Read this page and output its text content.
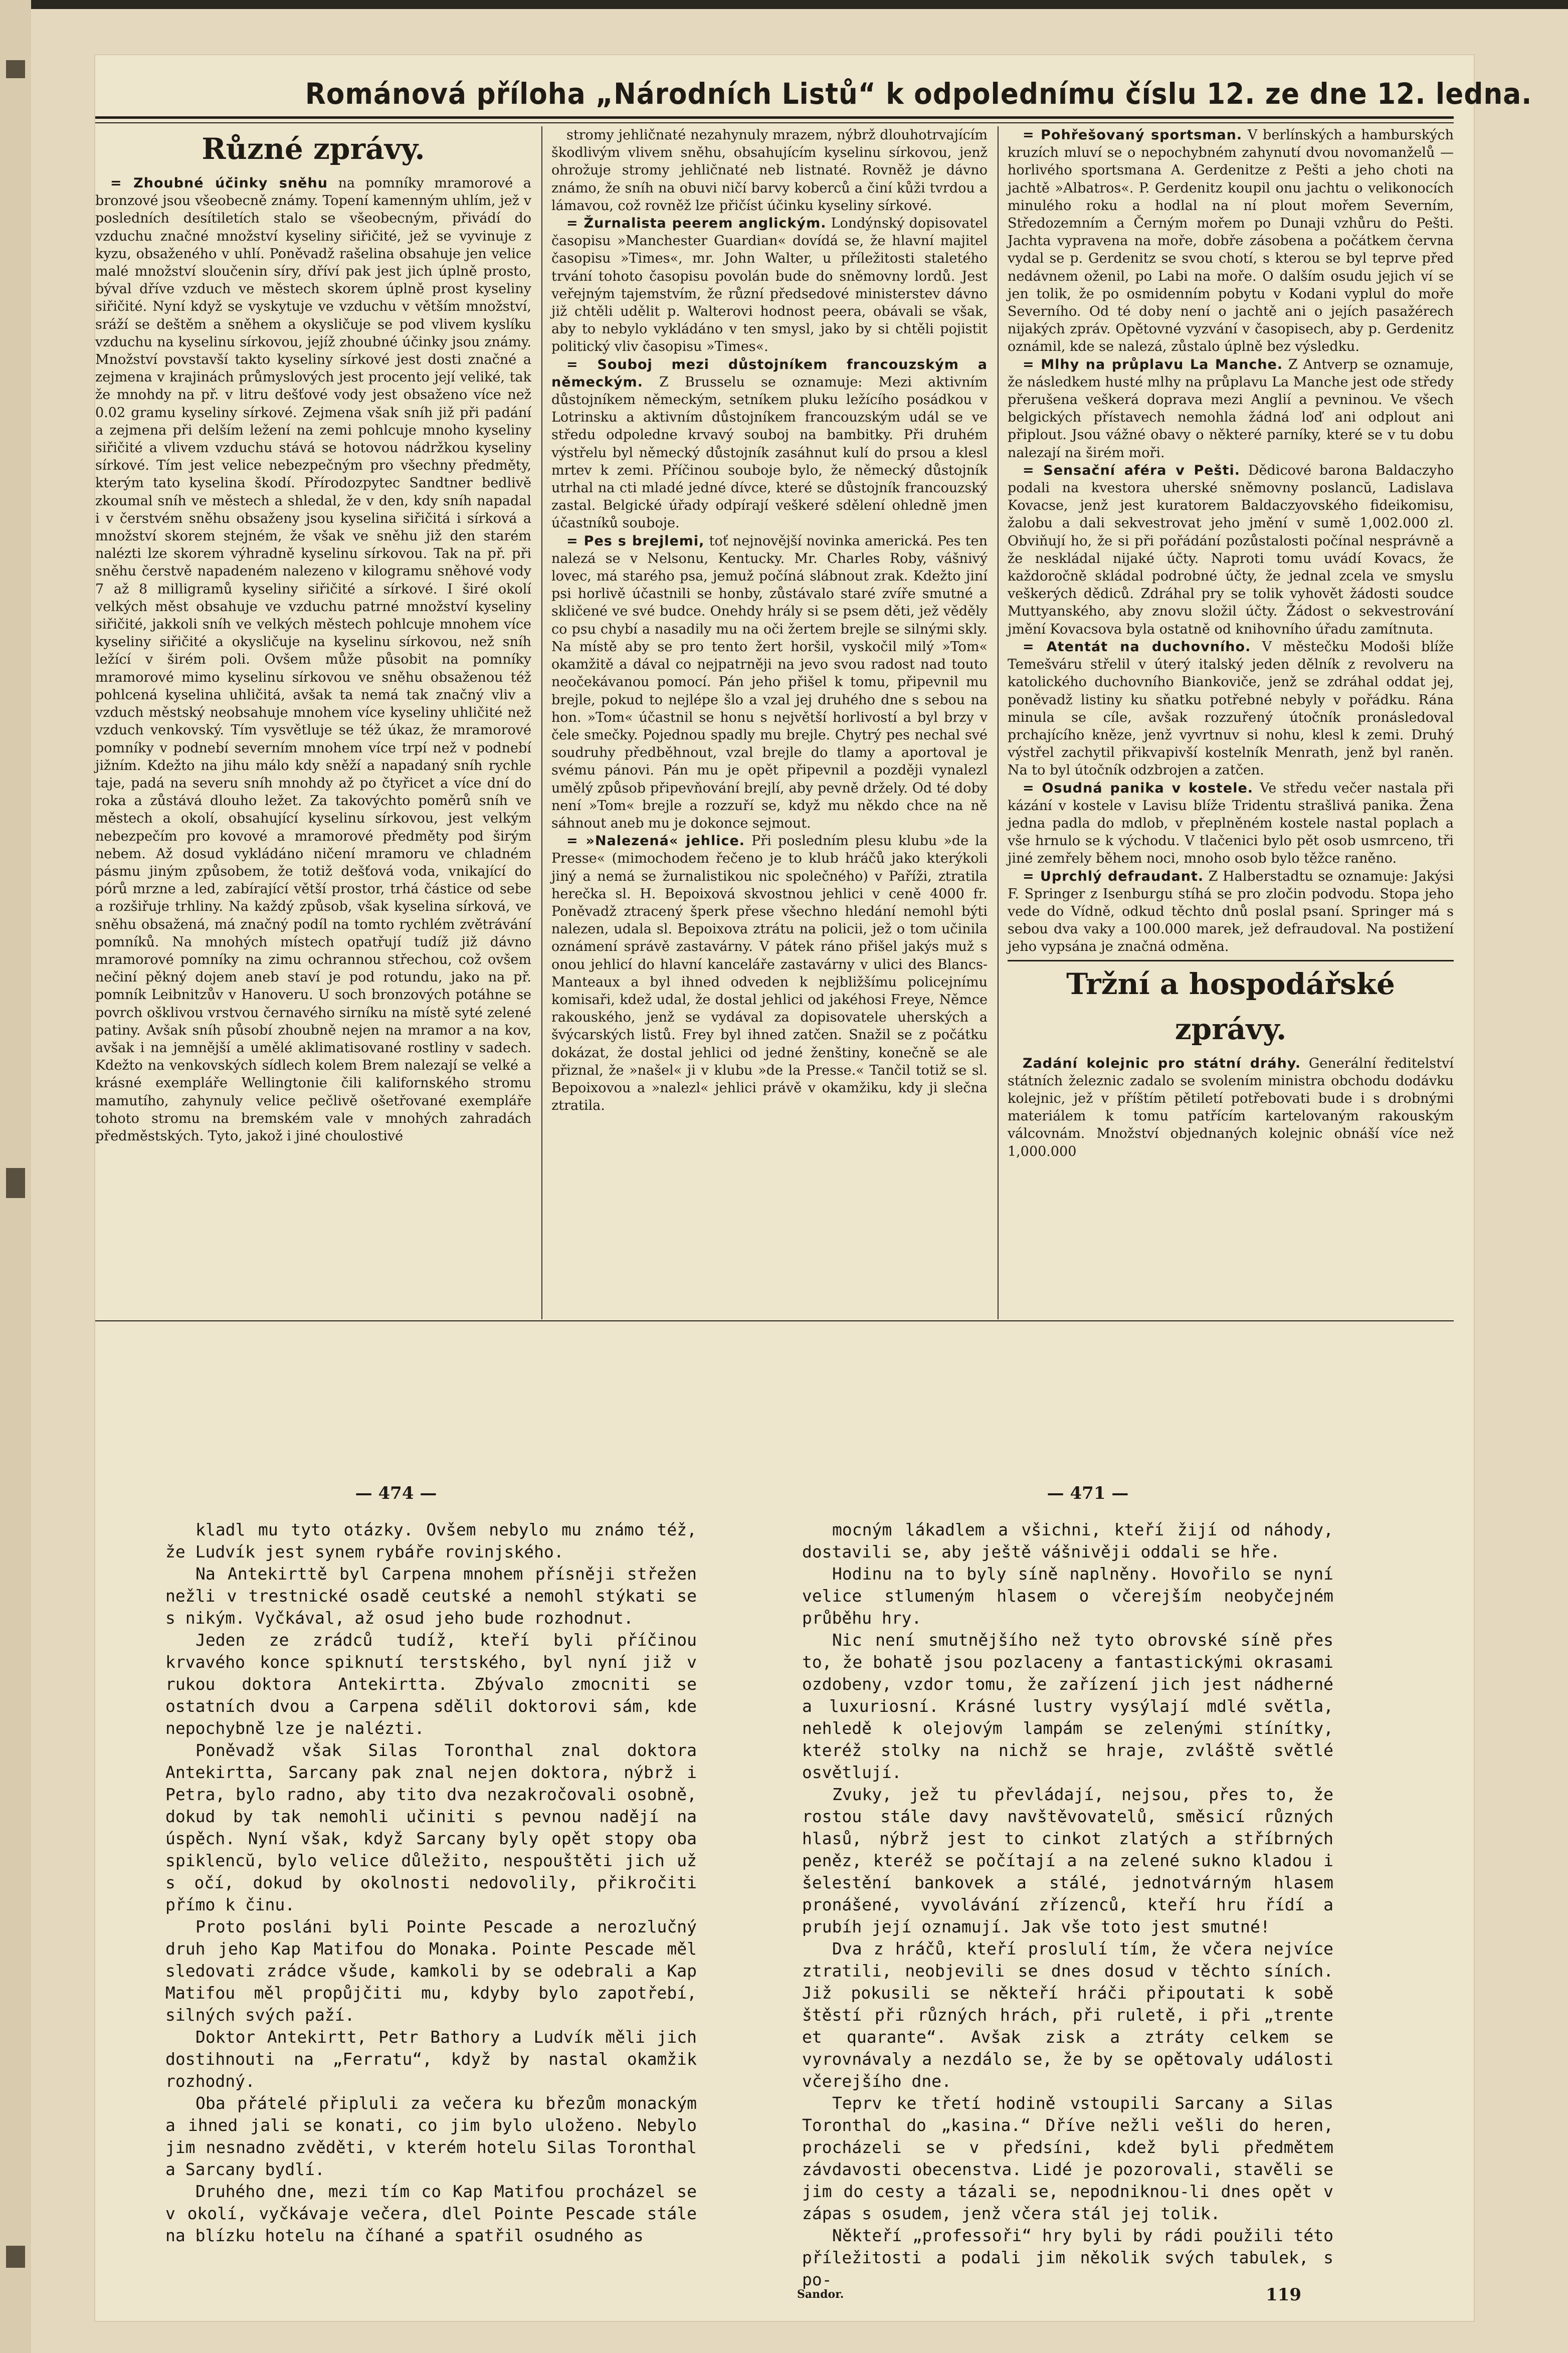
Románová příloha „Národních Listů“ k odpolednímu číslu 12. ze dne 12. ledna.
Různé zprávy.

= Zhoubné účinky sněhu na pomníky mramorové a bronzové jsou všeobecně známy. Topení kamenným uhlím, jež v posledních desítiletích stalo se všeobecným, přivádí do vzduchu značné množství kyseliny siřičité, jež se vyvinuje z kyzu, obsaženého v uhlí. Poněvadž rašelina obsahuje jen velice malé množství sloučenin síry, dříví pak jest jich úplně prosto, býval dříve vzduch ve městech skorem úplně prost kyseliny siřičité. Nyní když se vyskytuje ve vzduchu v větším množství, sráží se deštěm a sněhem a okysličuje se pod vlivem kyslíku vzduchu na kyselinu sírkovou, jejíž zhoubné účinky jsou známy. Množství povstavší takto kyseliny sírkové jest dosti značné a zejmena v krajinách průmyslových jest procento její veliké, tak že mnohdy na př. v litru dešťové vody jest obsaženo více než 0.02 gramu kyseliny sírkové. Zejmena však sníh již při padání a zejmena při delším ležení na zemi pohlcuje mnoho kyseliny siřičité a vlivem vzduchu stává se hotovou nádržkou kyseliny sírkové. Tím jest velice nebezpečným pro všechny předměty, kterým tato kyselina škodí. Přírodozpytec Sandtner bedlivě zkoumal sníh ve městech a shledal, že v den, kdy sníh napadal i v čerstvém sněhu obsaženy jsou kyselina siřičitá i sírková a množství skorem stejném, že však ve sněhu již den starém nalézti lze skorem výhradně kyselinu sírkovou. Tak na př. při sněhu čerstvě napadeném nalezeno v kilogramu sněhové vody 7 až 8 milligramů kyseliny siřičité a sírkové. I širé okolí velkých měst obsahuje ve vzduchu patrné množství kyseliny siřičité, jakkoli sníh ve velkých městech pohlcuje mnohem více kyseliny siřičité a okysličuje na kyselinu sírkovou, než sníh ležící v širém poli. Ovšem může působit na pomníky mramorové mimo kyselinu sírkovou ve sněhu obsaženou též pohlcená kyselina uhličitá, avšak ta nemá tak značný vliv a vzduch městský neobsahuje mnohem více kyseliny uhličité než vzduch venkovský. Tím vysvětluje se též úkaz, že mramorové pomníky v podnebí severním mnohem více trpí než v podnebí jižním. Kdežto na jihu málo kdy sněží a napadaný sníh rychle taje, padá na severu sníh mnohdy až po čtyřicet a více dní do roka a zůstává dlouho ležet. Za takovýchto poměrů sníh ve městech a okolí, obsahující kyselinu sírkovou, jest velkým nebezpečím pro kovové a mramorové předměty pod širým nebem. Až dosud vykládáno ničení mramoru ve chladném pásmu jiným způsobem, že totiž dešťová voda, vnikající do pórů mrzne a led, zabírající větší prostor, trhá částice od sebe a rozšiřuje trhliny. Na každý způsob, však kyselina sírková, ve sněhu obsažená, má značný podíl na tomto rychlém zvětrávání pomníků. Na mnohých místech opatřují tudíž již dávno mramorové pomníky na zimu ochrannou střechou, což ovšem nečiní pěkný dojem aneb staví je pod rotundu, jako na př. pomník Leibnitzův v Hanoveru. U soch bronzových potáhne se povrch ošklivou vrstvou černavého sirníku na místě syté zelené patiny. Avšak sníh působí zhoubně nejen na mramor a na kov, avšak i na jemnější a umělé aklimatisované rostliny v sadech. Kdežto na venkovských sídlech kolem Brem nalezají se velké a krásné exempláře Wellingtonie čili kalifornského stromu mamutího, zahynuly velice pečlivě ošetřované exempláře tohoto stromu na bremském vale v mnohých zahradách předměstských. Tyto, jakož i jiné choulostivé

stromy jehličnaté nezahynuly mrazem, nýbrž dlouhotrvajícím škodlivým vlivem sněhu, obsahujícím kyselinu sírkovou, jenž ohrožuje stromy jehličnaté neb listnaté. Rovněž je dávno známo, že sníh na obuvi ničí barvy koberců a činí kůži tvrdou a lámavou, což rovněž lze přičíst účinku kyseliny sírkové.

= Žurnalista peerem anglickým. Londýnský dopisovatel časopisu »Manchester Guardian« dovídá se, že hlavní majitel časopisu »Times«, mr. John Walter, u příležitosti staletého trvání tohoto časopisu povolán bude do sněmovny lordů. Jest veřejným tajemstvím, že různí předsedové ministerstev dávno již chtěli udělit p. Walterovi hodnost peera, obávali se však, aby to nebylo vykládáno v ten smysl, jako by si chtěli pojistit politický vliv časopisu »Times«.

= Souboj mezi důstojníkem francouzským a německým. Z Brusselu se oznamuje: Mezi aktivním důstojníkem německým, setníkem pluku ležícího posádkou v Lotrinsku a aktivním důstojníkem francouzským udál se ve středu odpoledne krvavý souboj na bambitky. Při druhém výstřelu byl německý důstojník zasáhnut kulí do prsou a klesl mrtev k zemi. Příčinou souboje bylo, že německý důstojník utrhal na cti mladé jedné dívce, které se důstojník francouzský zastal. Belgické úřady odpírají veškeré sdělení ohledně jmen účastníků souboje.

= Pes s brejlemi, toť nejnovější novinka americká. Pes ten nalezá se v Nelsonu, Kentucky. Mr. Charles Roby, vášnivý lovec, má starého psa, jemuž počíná slábnout zrak. Kdežto jiní psi horlivě účastnili se honby, zůstávalo staré zvíře smutné a skličené ve své budce. Onehdy hrály si se psem děti, jež věděly co psu chybí a nasadily mu na oči žertem brejle se silnými skly. Na místě aby se pro tento žert horšil, vyskočil milý »Tom« okamžitě a dával co nejpatrněji na jevo svou radost nad touto neočekávanou pomocí. Pán jeho přišel k tomu, připevnil mu brejle, pokud to nejlépe šlo a vzal jej druhého dne s sebou na hon. »Tom« účastnil se honu s největší horlivostí a byl brzy v čele smečky. Pojednou spadly mu brejle. Chytrý pes nechal své soudruhy předběhnout, vzal brejle do tlamy a aportoval je svému pánovi. Pán mu je opět připevnil a později vynalezl umělý způsob připevňování brejlí, aby pevně držely. Od té doby není »Tom« brejle a rozzuří se, když mu někdo chce na ně sáhnout aneb mu je dokonce sejmout.

= »Nalezená« jehlice. Při posledním plesu klubu »de la Presse« (mimochodem řečeno je to klub hráčů jako kterýkoli jiný a nemá se žurnalistikou nic společného) v Paříži, ztratila herečka sl. H. Bepoixová skvostnou jehlici v ceně 4000 fr. Poněvadž ztracený šperk přese všechno hledání nemohl býti nalezen, udala sl. Bepoixova ztrátu na policii, jež o tom učinila oznámení správě zastavárny. V pátek ráno přišel jakýs muž s onou jehlicí do hlavní kanceláře zastavárny v ulici des Blancs-Manteaux a byl ihned odveden k nejbližšímu policejnímu komisaři, kdež udal, že dostal jehlici od jakéhosi Freye, Němce rakouského, jenž se vydával za dopisovatele uherských a švýcarských listů. Frey byl ihned zatčen. Snažil se z počátku dokázat, že dostal jehlici od jedné ženštiny, konečně se ale přiznal, že »našel« ji v klubu »de la Presse.« Tančil totiž se sl. Bepoixovou a »nalezl« jehlici právě v okamžiku, kdy ji slečna ztratila.

= Pohřešovaný sportsman. V berlínských a hamburských kruzích mluví se o nepochybném zahynutí dvou novomanželů — horlivého sportsmana A. Gerdenitze z Pešti a jeho choti na jachtě »Albatros«. P. Gerdenitz koupil onu jachtu o velikonocích minulého roku a hodlal na ní plout mořem Severním, Středozemním a Černým mořem po Dunaji vzhůru do Pešti. Jachta vypravena na moře, dobře zásobena a počátkem června vydal se p. Gerdenitz se svou chotí, s kterou se byl teprve před nedávnem oženil, po Labi na moře. O dalším osudu jejich ví se jen tolik, že po osmidenním pobytu v Kodani vyplul do moře Severního. Od té doby není o jachtě ani o jejích pasažérech nijakých zpráv. Opětovné vyzvání v časopisech, aby p. Gerdenitz oznámil, kde se nalezá, zůstalo úplně bez výsledku.

= Mlhy na průplavu La Manche. Z Antverp se oznamuje, že následkem husté mlhy na průplavu La Manche jest ode středy přerušena veškerá doprava mezi Anglií a pevninou. Ve všech belgických přístavech nemohla žádná loď ani odplout ani připlout. Jsou vážné obavy o některé parníky, které se v tu dobu nalezají na širém moři.

= Sensační aféra v Pešti. Dědicové barona Baldaczyho podali na kvestora uherské sněmovny poslancŭ, Ladislava Kovacse, jenž jest kuratorem Baldaczyovského fideikomisu, žalobu a dali sekvestrovat jeho jmění v sumě 1,002.000 zl. Obviňují ho, že si při pořádání pozůstalosti počínal nesprávně a že neskládal nijaké účty. Naproti tomu uvádí Kovacs, že každoročně skládal podrobné účty, že jednal zcela ve smyslu veškerých dědiců. Zdráhal pry se tolik vyhovět žádosti soudce Muttyanského, aby znovu složil účty. Žádost o sekvestrování jmění Kovacsova byla ostatně od knihovního úřadu zamítnuta.

= Atentát na duchovního. V městečku Modoši blíže Temešváru střelil v úterý italský jeden dělník z revolveru na katolického duchovního Biankoviče, jenž se zdráhal oddat jej, poněvadž listiny ku sňatku potřebné nebyly v pořádku. Rána minula se cíle, avšak rozzuřený útočník pronásledoval prchajícího kněze, jenž vyvrtnuv si nohu, klesl k zemi. Druhý výstřel zachytil přikvapivší kostelník Menrath, jenž byl raněn. Na to byl útočník odzbrojen a zatčen.

= Osudná panika v kostele. Ve středu večer nastala při kázání v kostele v Lavisu blíže Tridentu strašlivá panika. Žena jedna padla do mdlob, v přeplněném kostele nastal poplach a vše hrnulo se k východu. V tlačenici bylo pět osob usmrceno, tři jiné zemřely během noci, mnoho osob bylo těžce raněno.

= Uprchlý defraudant. Z Halberstadtu se oznamuje: Jakýsi F. Springer z Isenburgu stíhá se pro zločin podvodu. Stopa jeho vede do Vídně, odkud těchto dnů poslal psaní. Springer má s sebou dva vaky a 100.000 marek, jež defraudoval. Na postižení jeho vypsána je značná odměna.

Tržní a hospodářské zprávy.

Zadání kolejnic pro státní dráhy. Generální ředitelství státních železnic zadalo se svolením ministra obchodu dodávku kolejnic, jež v příštím pětiletí potřebovati bude i s drobnými materiálem k tomu patřícím kartelovaným rakouským válcovnám. Množství objednaných kolejnic obnáší více než 1,000.000

— 474 —	— 471 —

kladl mu tyto otázky. Ovšem nebylo mu známo též, že Ludvík jest synem rybáře rovinjského.

Na Antekirttě byl Carpena mnohem přísněji střežen nežli v trestnické osadě ceutské a nemohl stýkati se s nikým. Vyčkával, až osud jeho bude rozhodnut.

Jeden ze zrádců tudíž, kteří byli příčinou krvavého konce spiknutí terstského, byl nyní již v rukou doktora Antekirtta. Zbývalo zmocniti se ostatních dvou a Carpena sdělil doktorovi sám, kde nepochybně lze je nalézti.

Poněvadž však Silas Toronthal znal doktora Antekirtta, Sarcany pak znal nejen doktora, nýbrž i Petra, bylo radno, aby tito dva nezakročovali osobně, dokud by tak nemohli učiniti s pevnou nadějí na úspěch. Nyní však, když Sarcany byly opět stopy oba spiklencŭ, bylo velice důležito, nespouštěti jich už s očí, dokud by okolnosti nedovolily, přikročiti přímo k činu.

Proto posláni byli Pointe Pescade a nerozlučný druh jeho Kap Matifou do Monaka. Pointe Pescade měl sledovati zrádce všude, kamkoli by se odebrali a Kap Matifou měl propůjčiti mu, kdyby bylo zapotřebí, silných svých paží.

Doktor Antekirtt, Petr Bathory a Ludvík měli jich dostihnouti na „Ferratu“, když by nastal okamžik rozhodný.

Oba přátelé připluli za večera ku březům monackým a ihned jali se konati, co jim bylo uloženo. Nebylo jim nesnadno zvěděti, v kterém hotelu Silas Toronthal a Sarcany bydlí.

Druhého dne, mezi tím co Kap Matifou procházel se v okolí, vyčkávaje večera, dlel Pointe Pescade stále na blízku hotelu na číhané a spatřil osudného as

mocným lákadlem a všichni, kteří žijí od náhody, dostavili se, aby ještě vášnivěji oddali se hře.

Hodinu na to byly síně naplněny. Hovořilo se nyní velice stlumeným hlasem o včerejším neobyčejném průběhu hry.

Nic není smutnějšího než tyto obrovské síně přes to, že bohatě jsou pozlaceny a fantastickými okrasami ozdobeny, vzdor tomu, že zařízení jich jest nádherné a luxuriosní. Krásné lustry vysýlají mdlé světla, nehledě k olejovým lampám se zelenými stínítky, kteréž stolky na nichž se hraje, zvláště světlé osvětlují.

Zvuky, jež tu převládají, nejsou, přes to, že rostou stále davy navštěvovatelů, směsicí různých hlasů, nýbrž jest to cinkot zlatých a stříbrných peněz, kteréž se počítají a na zelené sukno kladou i šelestění bankovek a stálé, jednotvárným hlasem pronášené, vyvolávání zřízenců, kteří hru řídí a prubíh její oznamují. Jak vše toto jest smutné!

Dva z hráčů, kteří proslulí tím, že včera nejvíce ztratili, neobjevili se dnes dosud v těchto síních. Již pokusili se někteří hráči připoutati k sobě štěstí při různých hrách, při ruletě, i při „trente et quarante“. Avšak zisk a ztráty celkem se vyrovnávaly a nezdálo se, že by se opětovaly události včerejšího dne.

Teprv ke třetí hodině vstoupili Sarcany a Silas Toronthal do „kasina.“ Dříve nežli vešli do heren, procházeli se v předsíni, kdež byli předmětem závdavosti obecenstva. Lidé je pozorovali, stavěli se jim do cesty a tázali se, nepodniknou-li dnes opět v zápas s osudem, jenž včera stál jej tolik.

Někteří „professoři“ hry byli by rádi použili této příležitosti a podali jim několik svých tabulek, s po-

Sandor.	119
